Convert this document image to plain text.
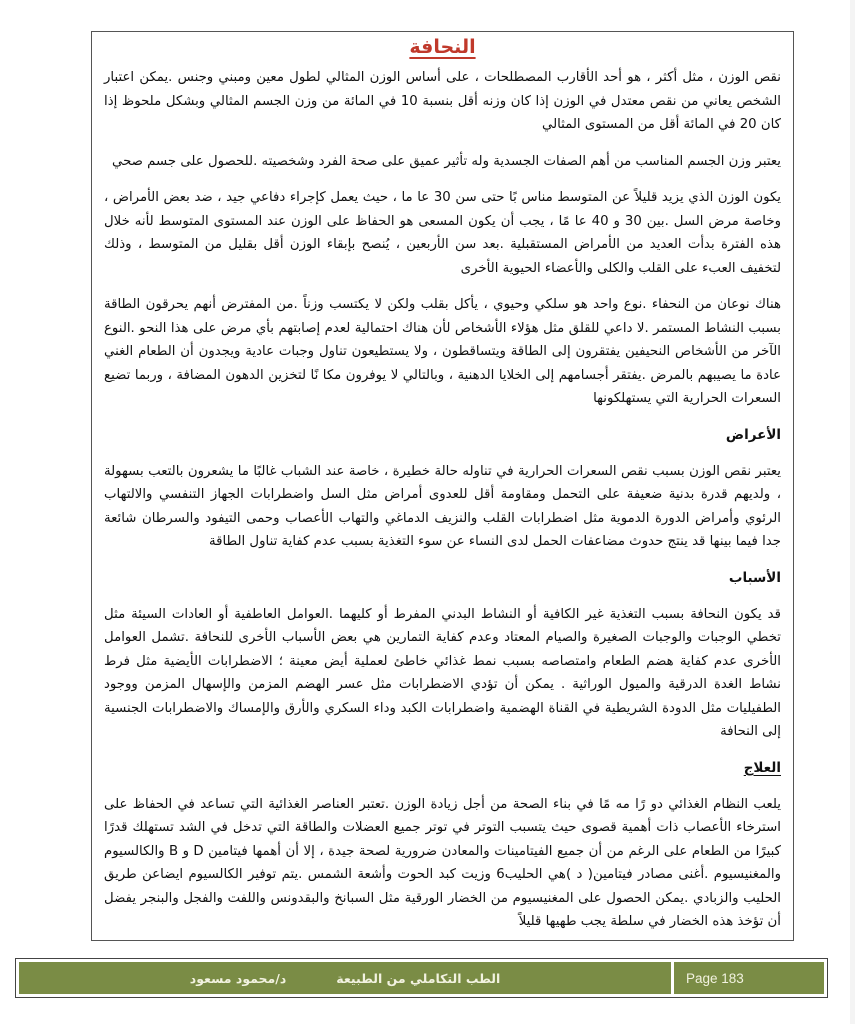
النحافة

نقص الوزن ، مثل أكثر ، هو أحد الأقارب المصطلحات ، على أساس الوزن المثالي لطول معين ومبني وجنس .يمكن اعتبار الشخص يعاني من نقص معتدل في الوزن إذا كان وزنه أقل بنسبة 10 في المائة من وزن الجسم المثالي وبشكل ملحوظ إذا كان 20 في المائة أقل من المستوى المثالي

يعتبر وزن الجسم المناسب من أهم الصفات الجسدية وله تأثير عميق على صحة الفرد وشخصيته .للحصول على جسم صحي

يكون الوزن الذي يزيد قليلاً عن المتوسط مناس بًا حتى سن 30 عا ما ، حيث يعمل كإجراء دفاعي جيد ، ضد بعض الأمراض ، وخاصة مرض السل .بين 30 و 40 عا مًا ، يجب أن يكون المسعى هو الحفاظ على الوزن عند المستوى المتوسط لأنه خلال هذه الفترة بدأت العديد من الأمراض المستقبلية .بعد سن الأربعين ، يُنصح بإبقاء الوزن أقل بقليل من المتوسط ، وذلك لتخفيف العبء على القلب والكلى والأعضاء الحيوية الأخرى

هناك نوعان من النحفاء .نوع واحد هو سلكي وحيوي ، يأكل بقلب ولكن لا يكتسب وزناً .من المفترض أنهم يحرقون الطاقة بسبب النشاط المستمر .لا داعي للقلق مثل هؤلاء الأشخاص لأن هناك احتمالية لعدم إصابتهم بأي مرض على هذا النحو .النوع الآخر من الأشخاص النحيفين يفتقرون إلى الطاقة ويتساقطون ، ولا يستطيعون تناول وجبات عادية ويجدون أن الطعام الغني عادة ما يصيبهم بالمرض .يفتقر أجسامهم إلى الخلايا الدهنية ، وبالتالي لا يوفرون مكا نًا لتخزين الدهون المضافة ، وربما تضيع السعرات الحرارية التي يستهلكونها

الأعراض

يعتبر نقص الوزن بسبب نقص السعرات الحرارية في تناوله حالة خطيرة ، خاصة عند الشباب غالبًا ما يشعرون بالتعب بسهولة ، ولديهم قدرة بدنية ضعيفة على التحمل ومقاومة أقل للعدوى أمراض مثل السل واضطرابات الجهاز التنفسي والالتهاب الرئوي وأمراض الدورة الدموية مثل اضطرابات القلب والنزيف الدماغي والتهاب الأعصاب وحمى التيفود والسرطان شائعة جدا فيما بينها قد ينتج حدوث مضاعفات الحمل لدى النساء عن سوء التغذية بسبب عدم كفاية تناول الطاقة

الأسباب

قد يكون النحافة بسبب التغذية غير الكافية أو النشاط البدني المفرط أو كليهما .العوامل العاطفية أو العادات السيئة مثل تخطي الوجبات والوجبات الصغيرة والصيام المعتاد وعدم كفاية التمارين هي بعض الأسباب الأخرى للنحافة .تشمل العوامل الأخرى عدم كفاية هضم الطعام وامتصاصه بسبب نمط غذائي خاطئ لعملية أيض معينة ؛ الاضطرابات الأيضية مثل فرط نشاط الغدة الدرقية والميول الوراثية . يمكن أن تؤدي الاضطرابات مثل عسر الهضم المزمن والإسهال المزمن ووجود الطفيليات مثل الدودة الشريطية في القناة الهضمية واضطرابات الكبد وداء السكري والأرق والإمساك والاضطرابات الجنسية إلى النحافة

العلاج

يلعب النظام الغذائي دو رًا مه مًا في بناء الصحة من أجل زيادة الوزن .تعتبر العناصر الغذائية التي تساعد في الحفاظ على استرخاء الأعصاب ذات أهمية قصوى حيث يتسبب التوتر في توتر جميع العضلات والطاقة التي تدخل في الشد تستهلك قدرًا كبيرًا من الطعام على الرغم من أن جميع الفيتامينات والمعادن ضرورية لصحة جيدة ، إلا أن أهمها فيتامين D و B والكالسيوم والمغنيسيوم .أغنى مصادر فيتامين( د )هي الحليب6 وزيت كبد الحوت وأشعة الشمس .يتم توفير الكالسيوم ايضاعن طريق الحليب والزبادي .يمكن الحصول على المغنيسيوم من الخضار الورقية مثل السبانخ والبقدونس واللفت والفجل والبنجر يفضل أن تؤخذ هذه الخضار في سلطة يجب طهيها قليلاً

الطب التكاملي من الطبيعة
د/محمود مسعود	Page 183
